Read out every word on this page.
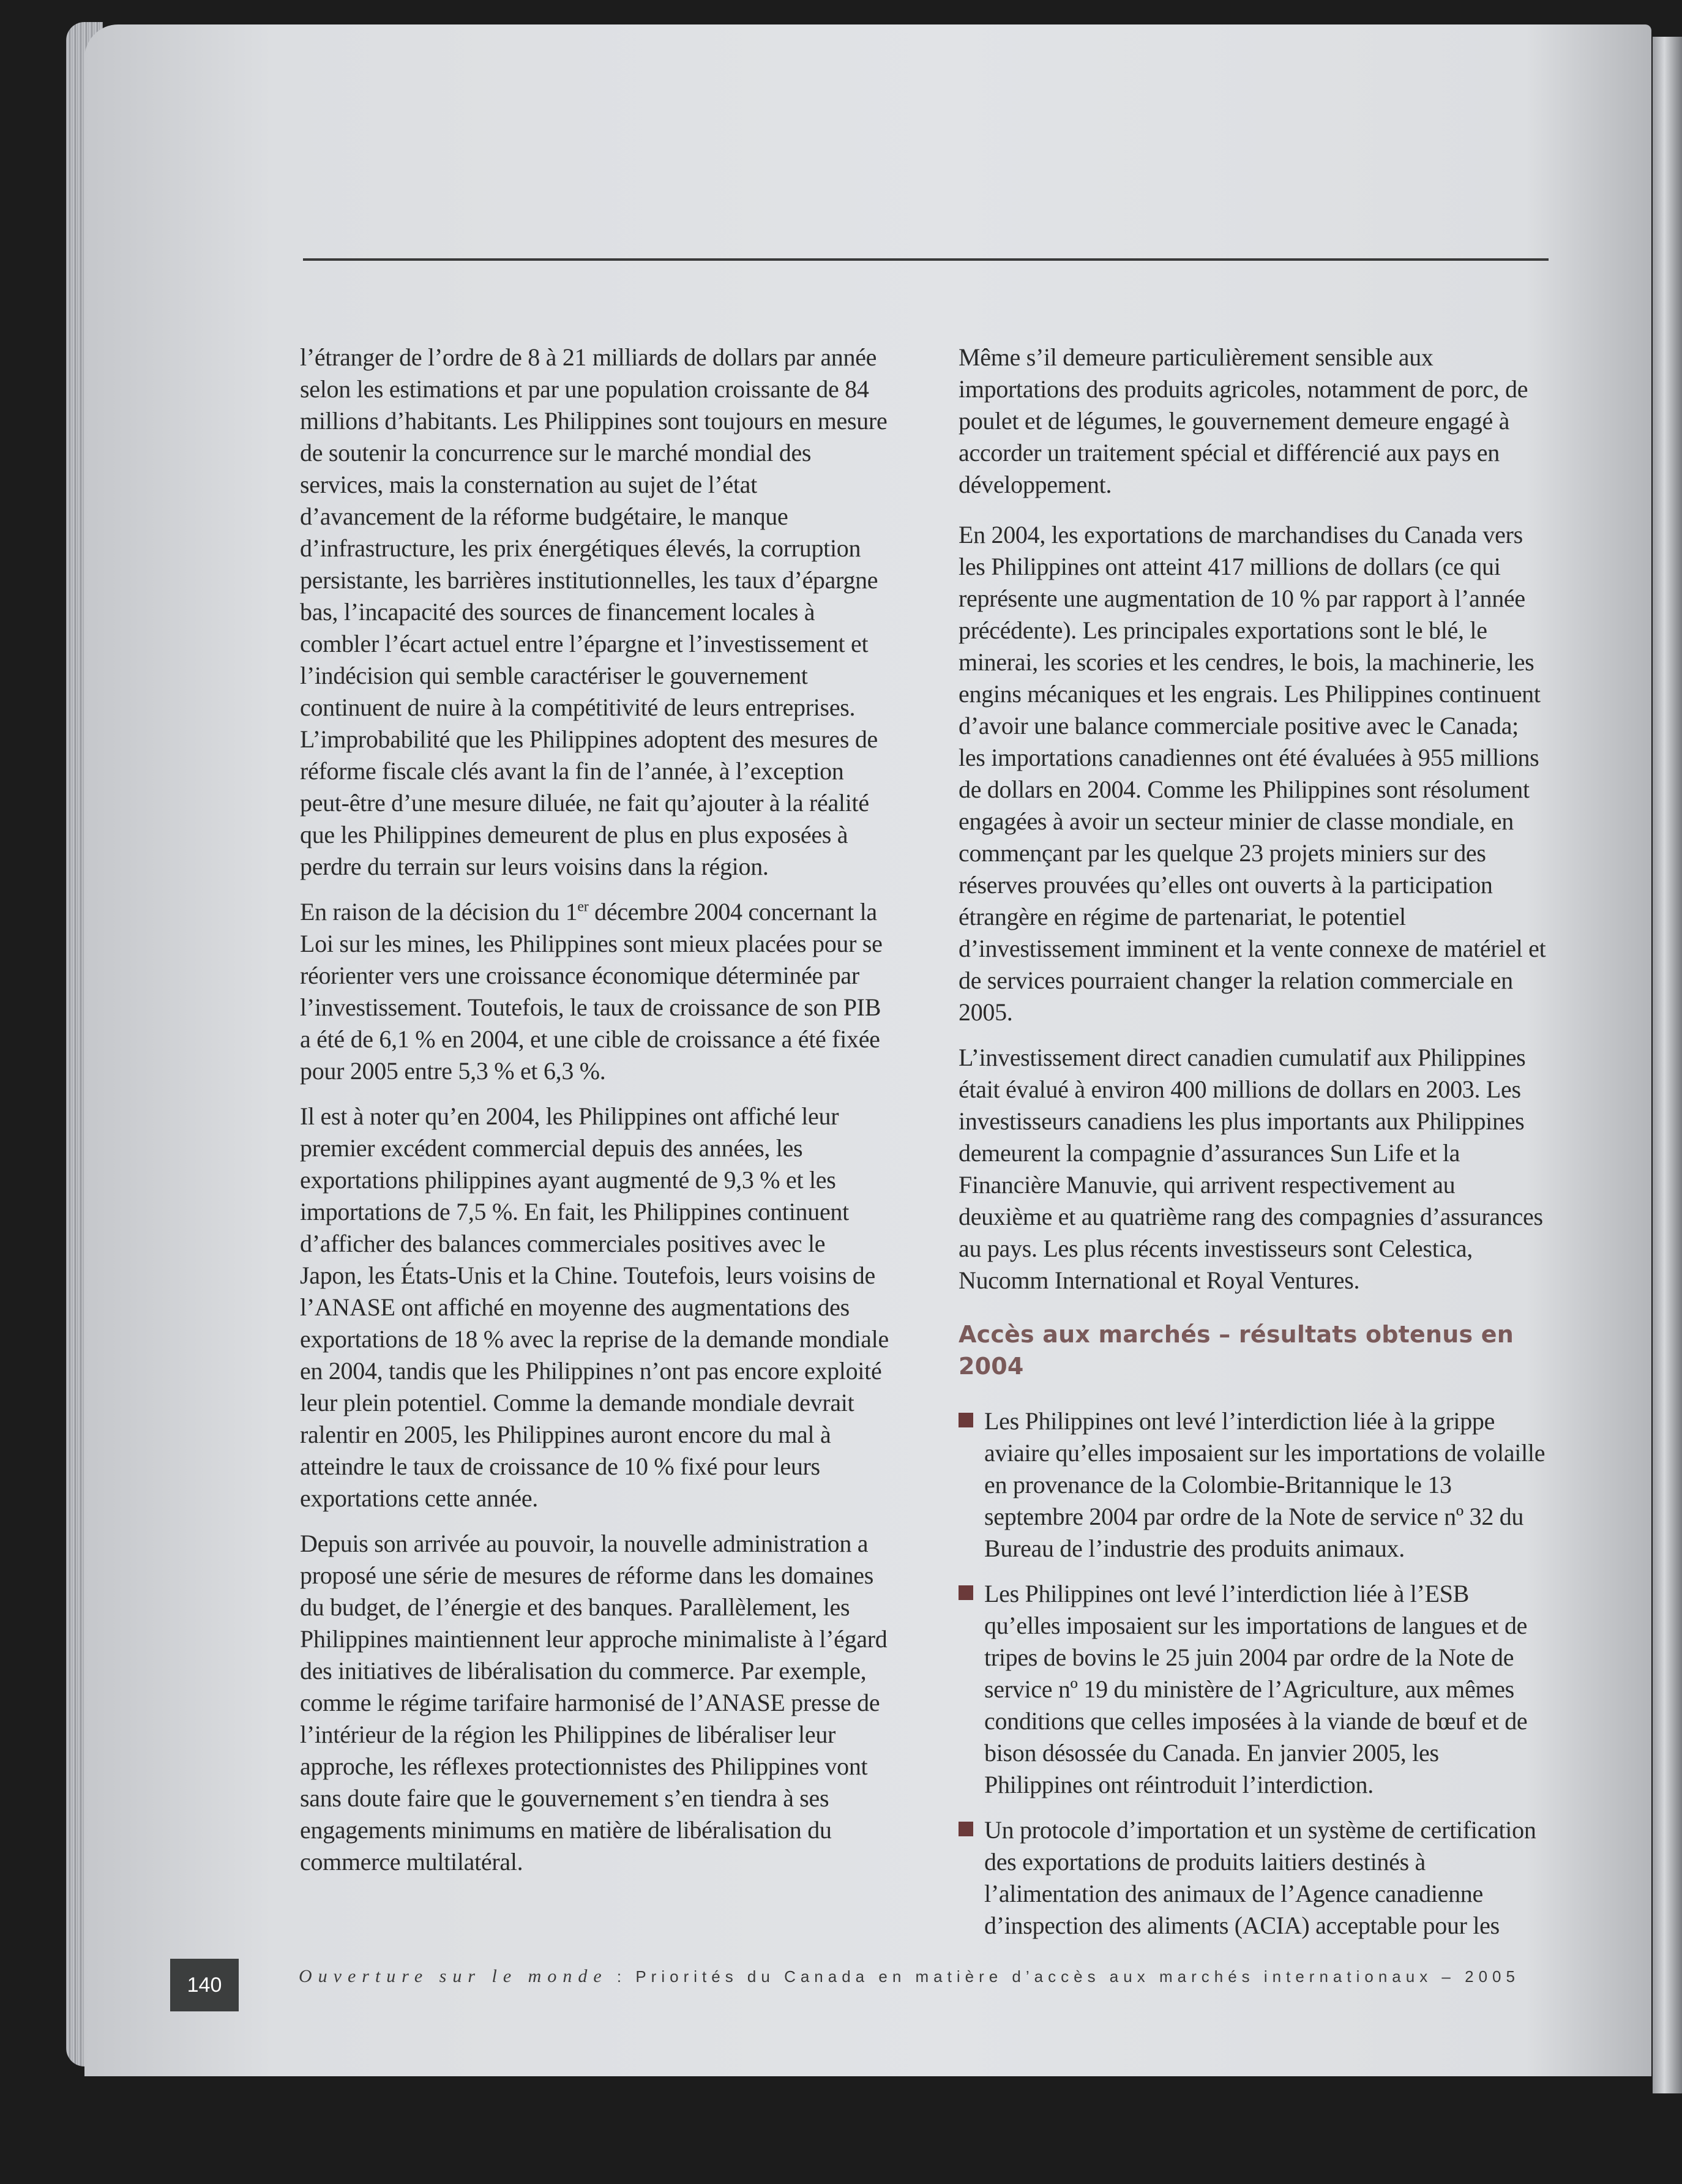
l’étranger de l’ordre de 8 à 21 milliards de dollars par année selon les estimations et par une population croissante de 84 millions d’habitants. Les Philippines sont toujours en mesure de soutenir la concurrence sur le marché mondial des services, mais la consternation au sujet de l’état d’avancement de la réforme budgétaire, le manque d’infrastructure, les prix énergétiques élevés, la corruption persistante, les barrières institutionnelles, les taux d’épargne bas, l’incapacité des sources de financement locales à combler l’écart actuel entre l’épargne et l’investissement et l’indécision qui semble caractériser le gouvernement continuent de nuire à la compétitivité de leurs entreprises. L’improbabilité que les Philippines adoptent des mesures de réforme fiscale clés avant la fin de l’année, à l’exception peut-être d’une mesure diluée, ne fait qu’ajouter à la réalité que les Philippines demeurent de plus en plus exposées à perdre du terrain sur leurs voisins dans la région.

En raison de la décision du 1er décembre 2004 concernant la Loi sur les mines, les Philippines sont mieux placées pour se réorienter vers une croissance économique déterminée par l’investissement. Toutefois, le taux de croissance de son PIB a été de 6,1 % en 2004, et une cible de croissance a été fixée pour 2005 entre 5,3 % et 6,3 %.

Il est à noter qu’en 2004, les Philippines ont affiché leur premier excédent commercial depuis des années, les exportations philippines ayant augmenté de 9,3 % et les importations de 7,5 %. En fait, les Philippines continuent d’afficher des balances commerciales positives avec le Japon, les États-Unis et la Chine. Toutefois, leurs voisins de l’ANASE ont affiché en moyenne des augmentations des exportations de 18 % avec la reprise de la demande mondiale en 2004, tandis que les Philippines n’ont pas encore exploité leur plein potentiel. Comme la demande mondiale devrait ralentir en 2005, les Philippines auront encore du mal à atteindre le taux de croissance de 10 % fixé pour leurs exportations cette année.

Depuis son arrivée au pouvoir, la nouvelle administration a proposé une série de mesures de réforme dans les domaines du budget, de l’énergie et des banques. Parallèlement, les Philippines maintiennent leur approche minimaliste à l’égard des initiatives de libéralisation du commerce. Par exemple, comme le régime tarifaire harmonisé de l’ANASE presse de l’intérieur de la région les Philippines de libéraliser leur approche, les réflexes protectionnistes des Philippines vont sans doute faire que le gouvernement s’en tiendra à ses engagements minimums en matière de libéralisation du commerce multilatéral.

Même s’il demeure particulièrement sensible aux importations des produits agricoles, notamment de porc, de poulet et de légumes, le gouvernement demeure engagé à accorder un traitement spécial et différencié aux pays en développement.

En 2004, les exportations de marchandises du Canada vers les Philippines ont atteint 417 millions de dollars (ce qui représente une augmentation de 10 % par rapport à l’année précédente). Les principales exportations sont le blé, le minerai, les scories et les cendres, le bois, la machinerie, les engins mécaniques et les engrais. Les Philippines continuent d’avoir une balance commerciale positive avec le Canada; les importations canadiennes ont été évaluées à 955 millions de dollars en 2004. Comme les Philippines sont résolument engagées à avoir un secteur minier de classe mondiale, en commençant par les quelque 23 projets miniers sur des réserves prouvées qu’elles ont ouverts à la participation étrangère en régime de partenariat, le potentiel d’investissement imminent et la vente connexe de matériel et de services pourraient changer la relation commerciale en 2005.

L’investissement direct canadien cumulatif aux Philippines était évalué à environ 400 millions de dollars en 2003. Les investisseurs canadiens les plus importants aux Philippines demeurent la compagnie d’assurances Sun Life et la Financière Manuvie, qui arrivent respectivement au deuxième et au quatrième rang des compagnies d’assurances au pays. Les plus récents investisseurs sont Celestica, Nucomm International et Royal Ventures.

Accès aux marchés – résultats obtenus en 2004
Les Philippines ont levé l’interdiction liée à la grippe aviaire qu’elles imposaient sur les importations de volaille en provenance de la Colombie-Britannique le 13 septembre 2004 par ordre de la Note de service nº 32 du Bureau de l’industrie des produits animaux.
Les Philippines ont levé l’interdiction liée à l’ESB qu’elles imposaient sur les importations de langues et de tripes de bovins le 25 juin 2004 par ordre de la Note de service nº 19 du ministère de l’Agriculture, aux mêmes conditions que celles imposées à la viande de bœuf et de bison désossée du Canada. En janvier 2005, les Philippines ont réintroduit l’interdiction.
Un protocole d’importation et un système de certification des exportations de produits laitiers destinés à l’alimentation des animaux de l’Agence canadienne d’inspection des aliments (ACIA) acceptable pour les
140	Ouverture sur le monde : Priorités du Canada en matière d’accès aux marchés internationaux – 2005
